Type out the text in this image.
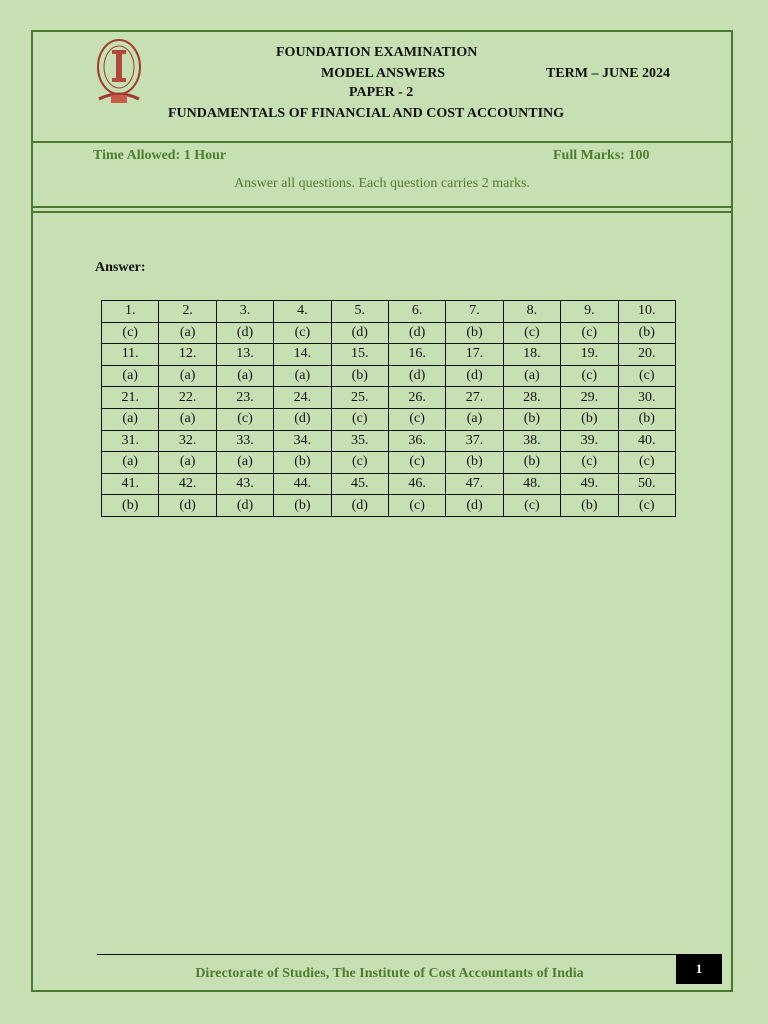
FOUNDATION EXAMINATION
MODEL ANSWERS	TERM – JUNE 2024
PAPER - 2
FUNDAMENTALS OF FINANCIAL AND COST ACCOUNTING
Time Allowed: 1 Hour	Full Marks: 100
Answer all questions. Each question carries 2 marks.
Answer:
1.	2.	3.	4.	5.	6.	7.	8.	9.	10.
(c)	(a)	(d)	(c)	(d)	(d)	(b)	(c)	(c)	(b)
11.	12.	13.	14.	15.	16.	17.	18.	19.	20.
(a)	(a)	(a)	(a)	(b)	(d)	(d)	(a)	(c)	(c)
21.	22.	23.	24.	25.	26.	27.	28.	29.	30.
(a)	(a)	(c)	(d)	(c)	(c)	(a)	(b)	(b)	(b)
31.	32.	33.	34.	35.	36.	37.	38.	39.	40.
(a)	(a)	(a)	(b)	(c)	(c)	(b)	(b)	(c)	(c)
41.	42.	43.	44.	45.	46.	47.	48.	49.	50.
(b)	(d)	(d)	(b)	(d)	(c)	(d)	(c)	(b)	(c)
Directorate of Studies, The Institute of Cost Accountants of India	1
